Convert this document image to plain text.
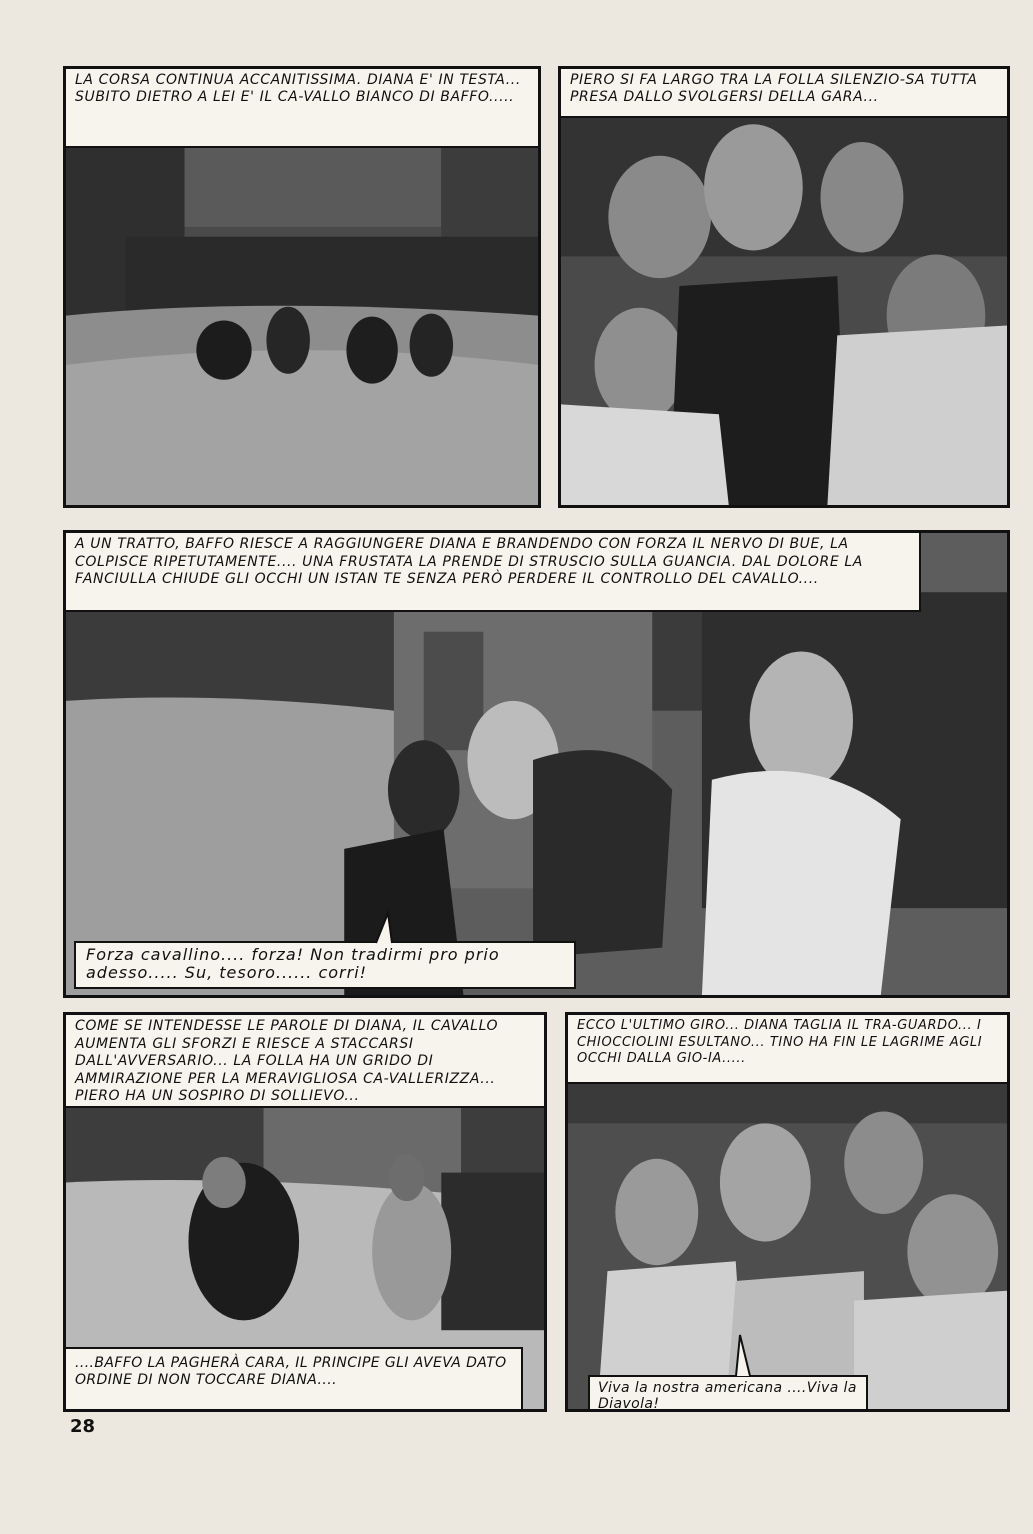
LA CORSA CONTINUA ACCANITISSIMA. DIANA E' IN TESTA... SUBITO DIETRO A LEI E' IL CA-VALLO BIANCO DI BAFFO.....
PIERO SI FA LARGO TRA LA FOLLA SILENZIO-SA TUTTA PRESA DALLO SVOLGERSI DELLA GARA...
A UN TRATTO, BAFFO RIESCE A RAGGIUNGERE DIANA E BRANDENDO CON FORZA IL NERVO DI BUE, LA COLPISCE RIPETUTAMENTE.... UNA FRUSTATA LA PRENDE DI STRUSCIO SULLA GUANCIA. DAL DOLORE LA FANCIULLA CHIUDE GLI OCCHI UN ISTAN TE SENZA PERÒ PERDERE IL CONTROLLO DEL CAVALLO....
Forza cavallino.... forza! Non tradirmi pro prio adesso..... Su, tesoro...... corri!
COME SE INTENDESSE LE PAROLE DI DIANA, IL CAVALLO AUMENTA GLI SFORZI E RIESCE A STACCARSI DALL'AVVERSARIO... LA FOLLA HA UN GRIDO DI AMMIRAZIONE PER LA MERAVIGLIOSA CA-VALLERIZZA... PIERO HA UN SOSPIRO DI SOLLIEVO...
....BAFFO LA PAGHERÀ CARA, IL PRINCIPE GLI AVEVA DATO ORDINE DI NON TOCCARE DIANA....
ECCO L'ULTIMO GIRO... DIANA TAGLIA IL TRA-GUARDO... I CHIOCCIOLINI ESULTANO... TINO HA FIN LE LAGRIME AGLI OCCHI DALLA GIO-IA.....
Viva la nostra americana ....Viva la Diavola!
28
